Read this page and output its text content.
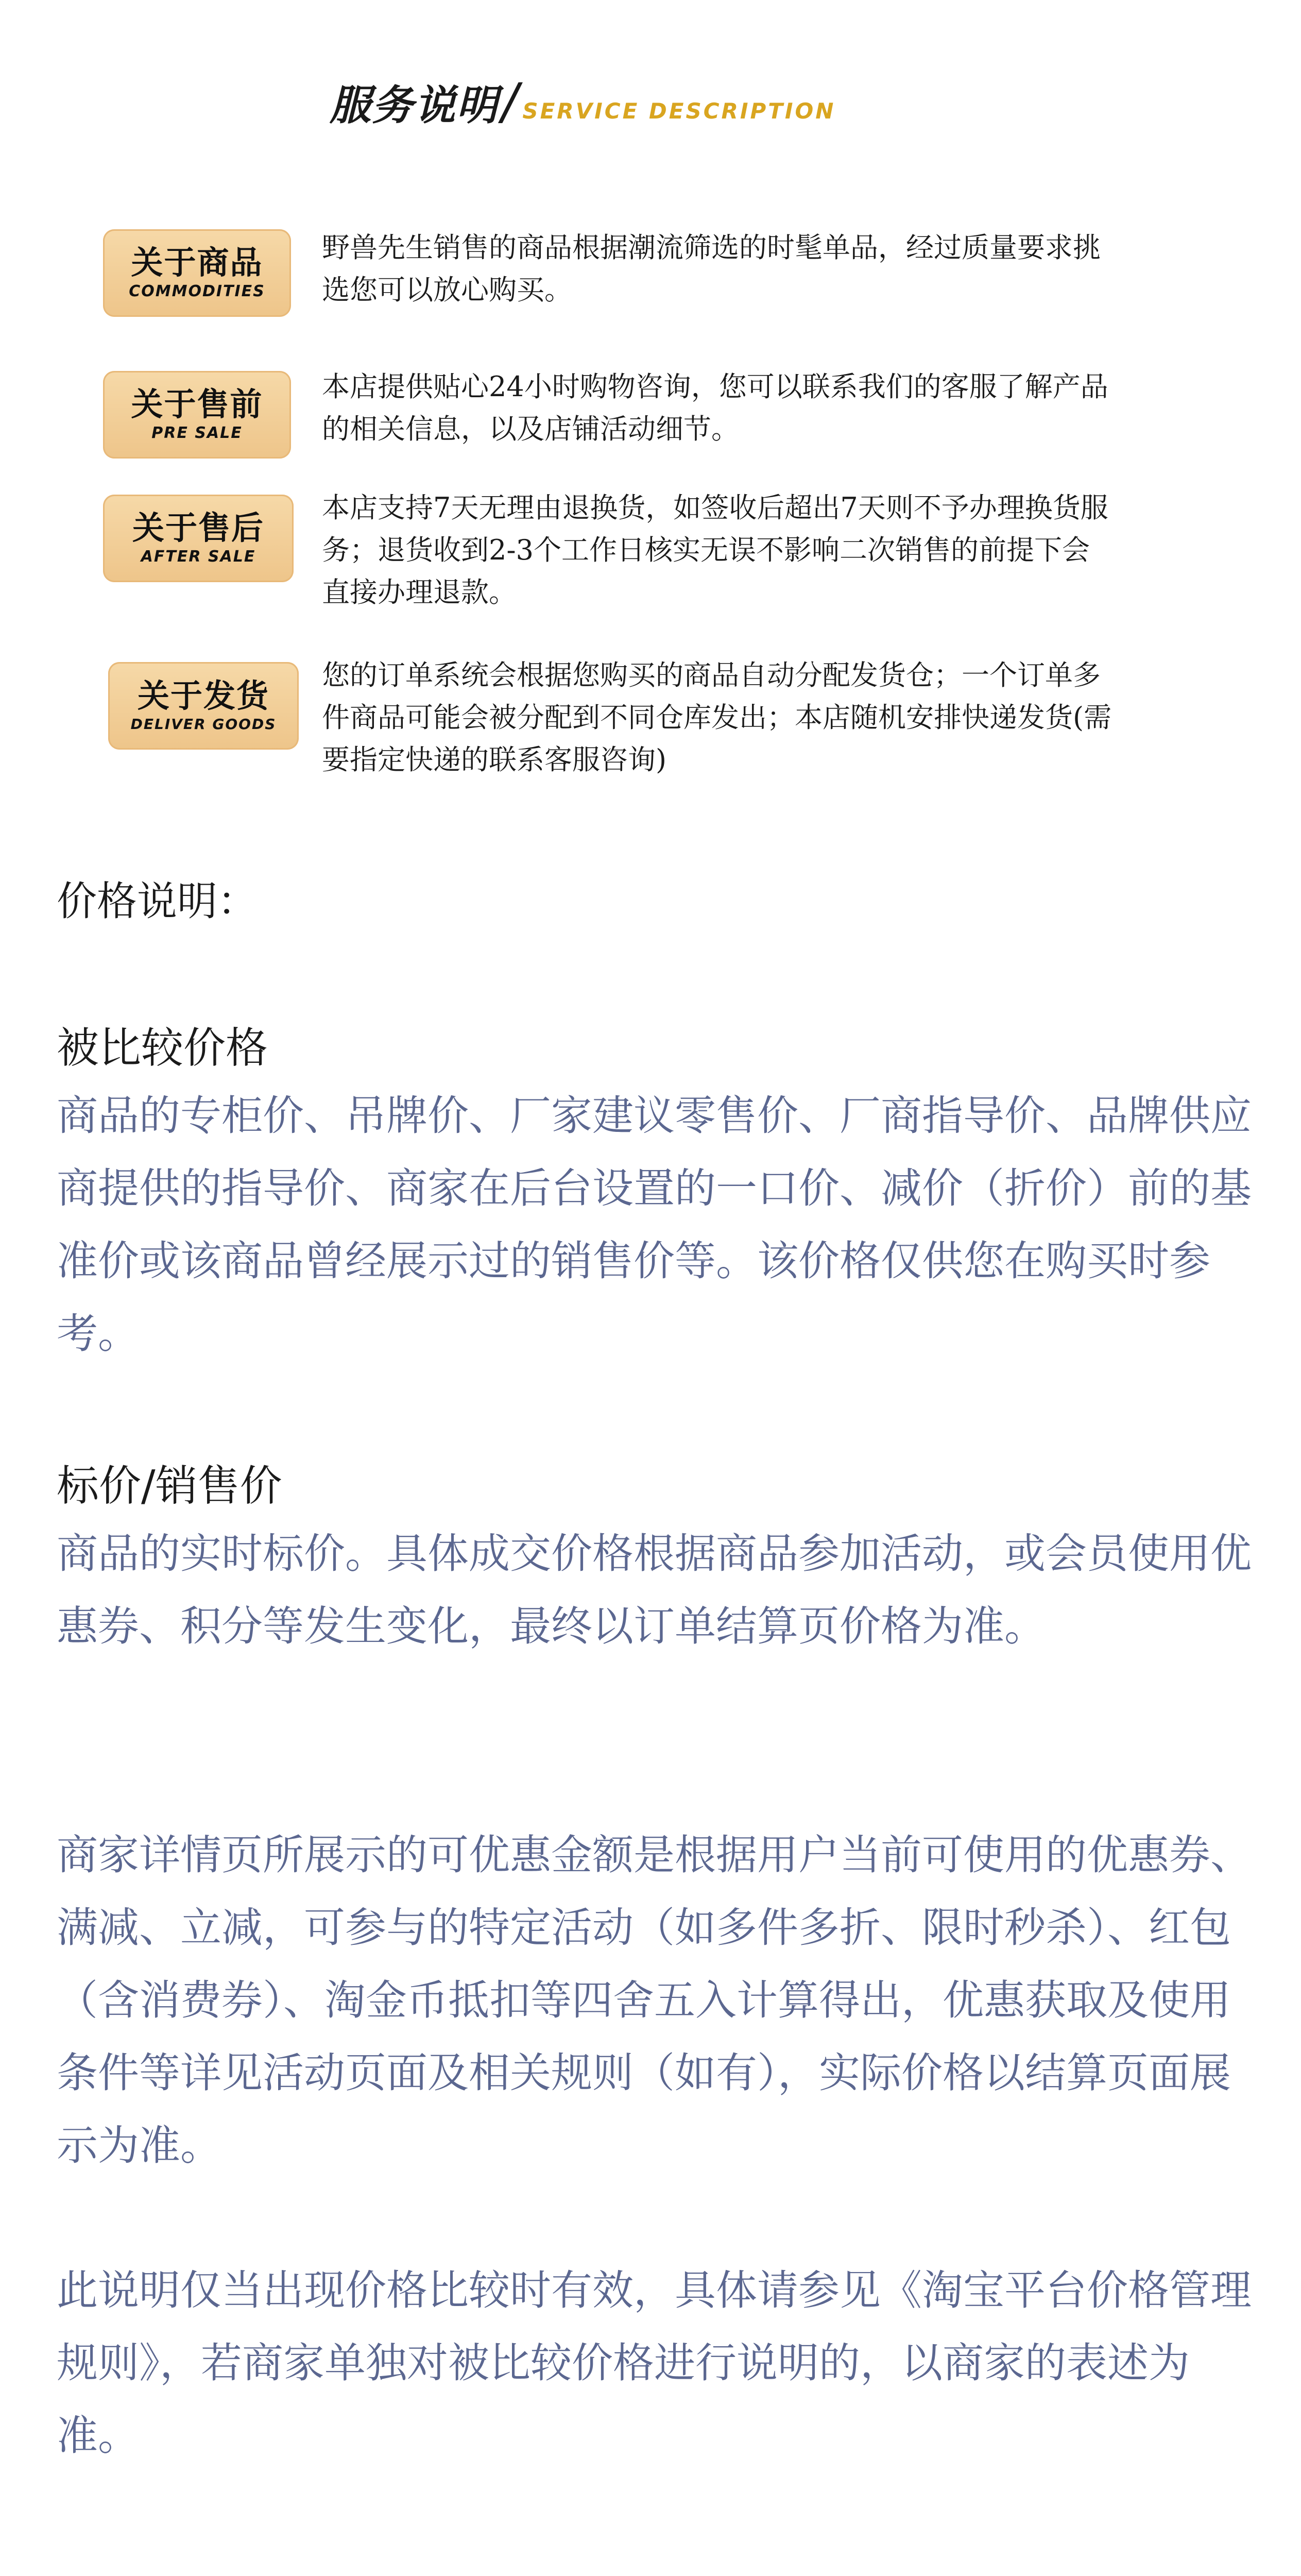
服务说明 / SERVICE DESCRIPTION
关于商品
COMMODITIES
野兽先生销售的商品根据潮流筛选的时髦单品，经过质量要求挑选您可以放心购买。
关于售前
PRE SALE
本店提供贴心24小时购物咨询，您可以联系我们的客服了解产品的相关信息，以及店铺活动细节。
关于售后
AFTER SALE
本店支持7天无理由退换货，如签收后超出7天则不予办理换货服务；退货收到2-3个工作日核实无误不影响二次销售的前提下会直接办理退款。
关于发货
DELIVER GOODS
您的订单系统会根据您购买的商品自动分配发货仓；一个订单多件商品可能会被分配到不同仓库发出；本店随机安排快递发货(需要指定快递的联系客服咨询)
价格说明：
被比较价格
商品的专柜价、吊牌价、厂家建议零售价、厂商指导价、品牌供应商提供的指导价、商家在后台设置的一口价、减价（折价）前的基准价或该商品曾经展示过的销售价等。该价格仅供您在购买时参考。
标价/销售价
商品的实时标价。具体成交价格根据商品参加活动，或会员使用优惠券、积分等发生变化，最终以订单结算页价格为准。
商家详情页所展示的可优惠金额是根据用户当前可使用的优惠券、满减、立减，可参与的特定活动（如多件多折、限时秒杀）、红包（含消费券）、淘金币抵扣等四舍五入计算得出，优惠获取及使用条件等详见活动页面及相关规则（如有），实际价格以结算页面展示为准。
此说明仅当出现价格比较时有效，具体请参见《淘宝平台价格管理规则》，若商家单独对被比较价格进行说明的，以商家的表述为准。
